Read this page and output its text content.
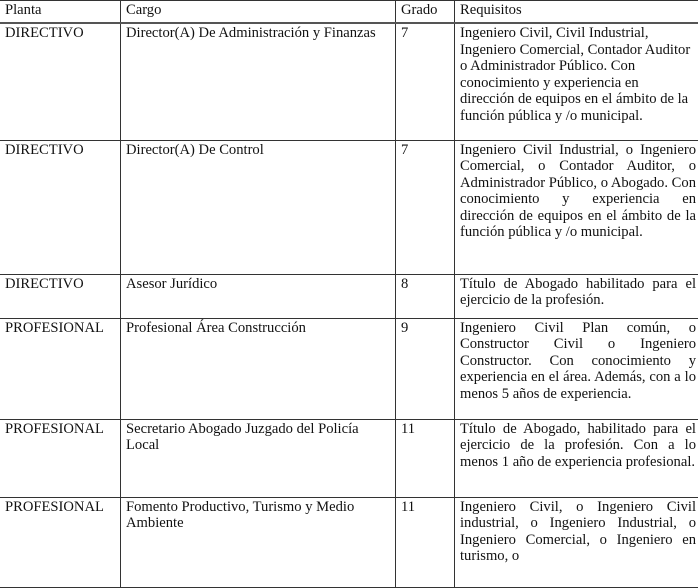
Planta	Cargo	Grado	Requisitos
DIRECTIVO	Director(A) De Administración y Finanzas	7	Ingeniero Civil, Civil Industrial, Ingeniero Comercial, Contador Auditor o Administrador Público. Con conocimiento y experiencia en dirección de equipos en el ámbito de la función pública y /o municipal.
DIRECTIVO	Director(A) De Control	7	Ingeniero Civil Industrial, o Ingeniero Comercial, o Contador Auditor, o Administrador Público, o Abogado. Con conocimiento y experiencia en dirección de equipos en el ámbito de la función pública y /o municipal.
DIRECTIVO	Asesor Jurídico	8	Título de Abogado habilitado para el ejercicio de la profesión.
PROFESIONAL	Profesional Área Construcción	9	Ingeniero Civil Plan común, o Constructor Civil o Ingeniero Constructor. Con conocimiento y experiencia en el área. Además, con a lo menos 5 años de experiencia.
PROFESIONAL	Secretario Abogado Juzgado del Policía Local	11	Título de Abogado, habilitado para el ejercicio de la profesión. Con a lo menos 1 año de experiencia profesional.
PROFESIONAL	Fomento Productivo, Turismo y Medio Ambiente	11	Ingeniero Civil, o Ingeniero Civil industrial, o Ingeniero Industrial, o Ingeniero Comercial, o Ingeniero en turismo, o
